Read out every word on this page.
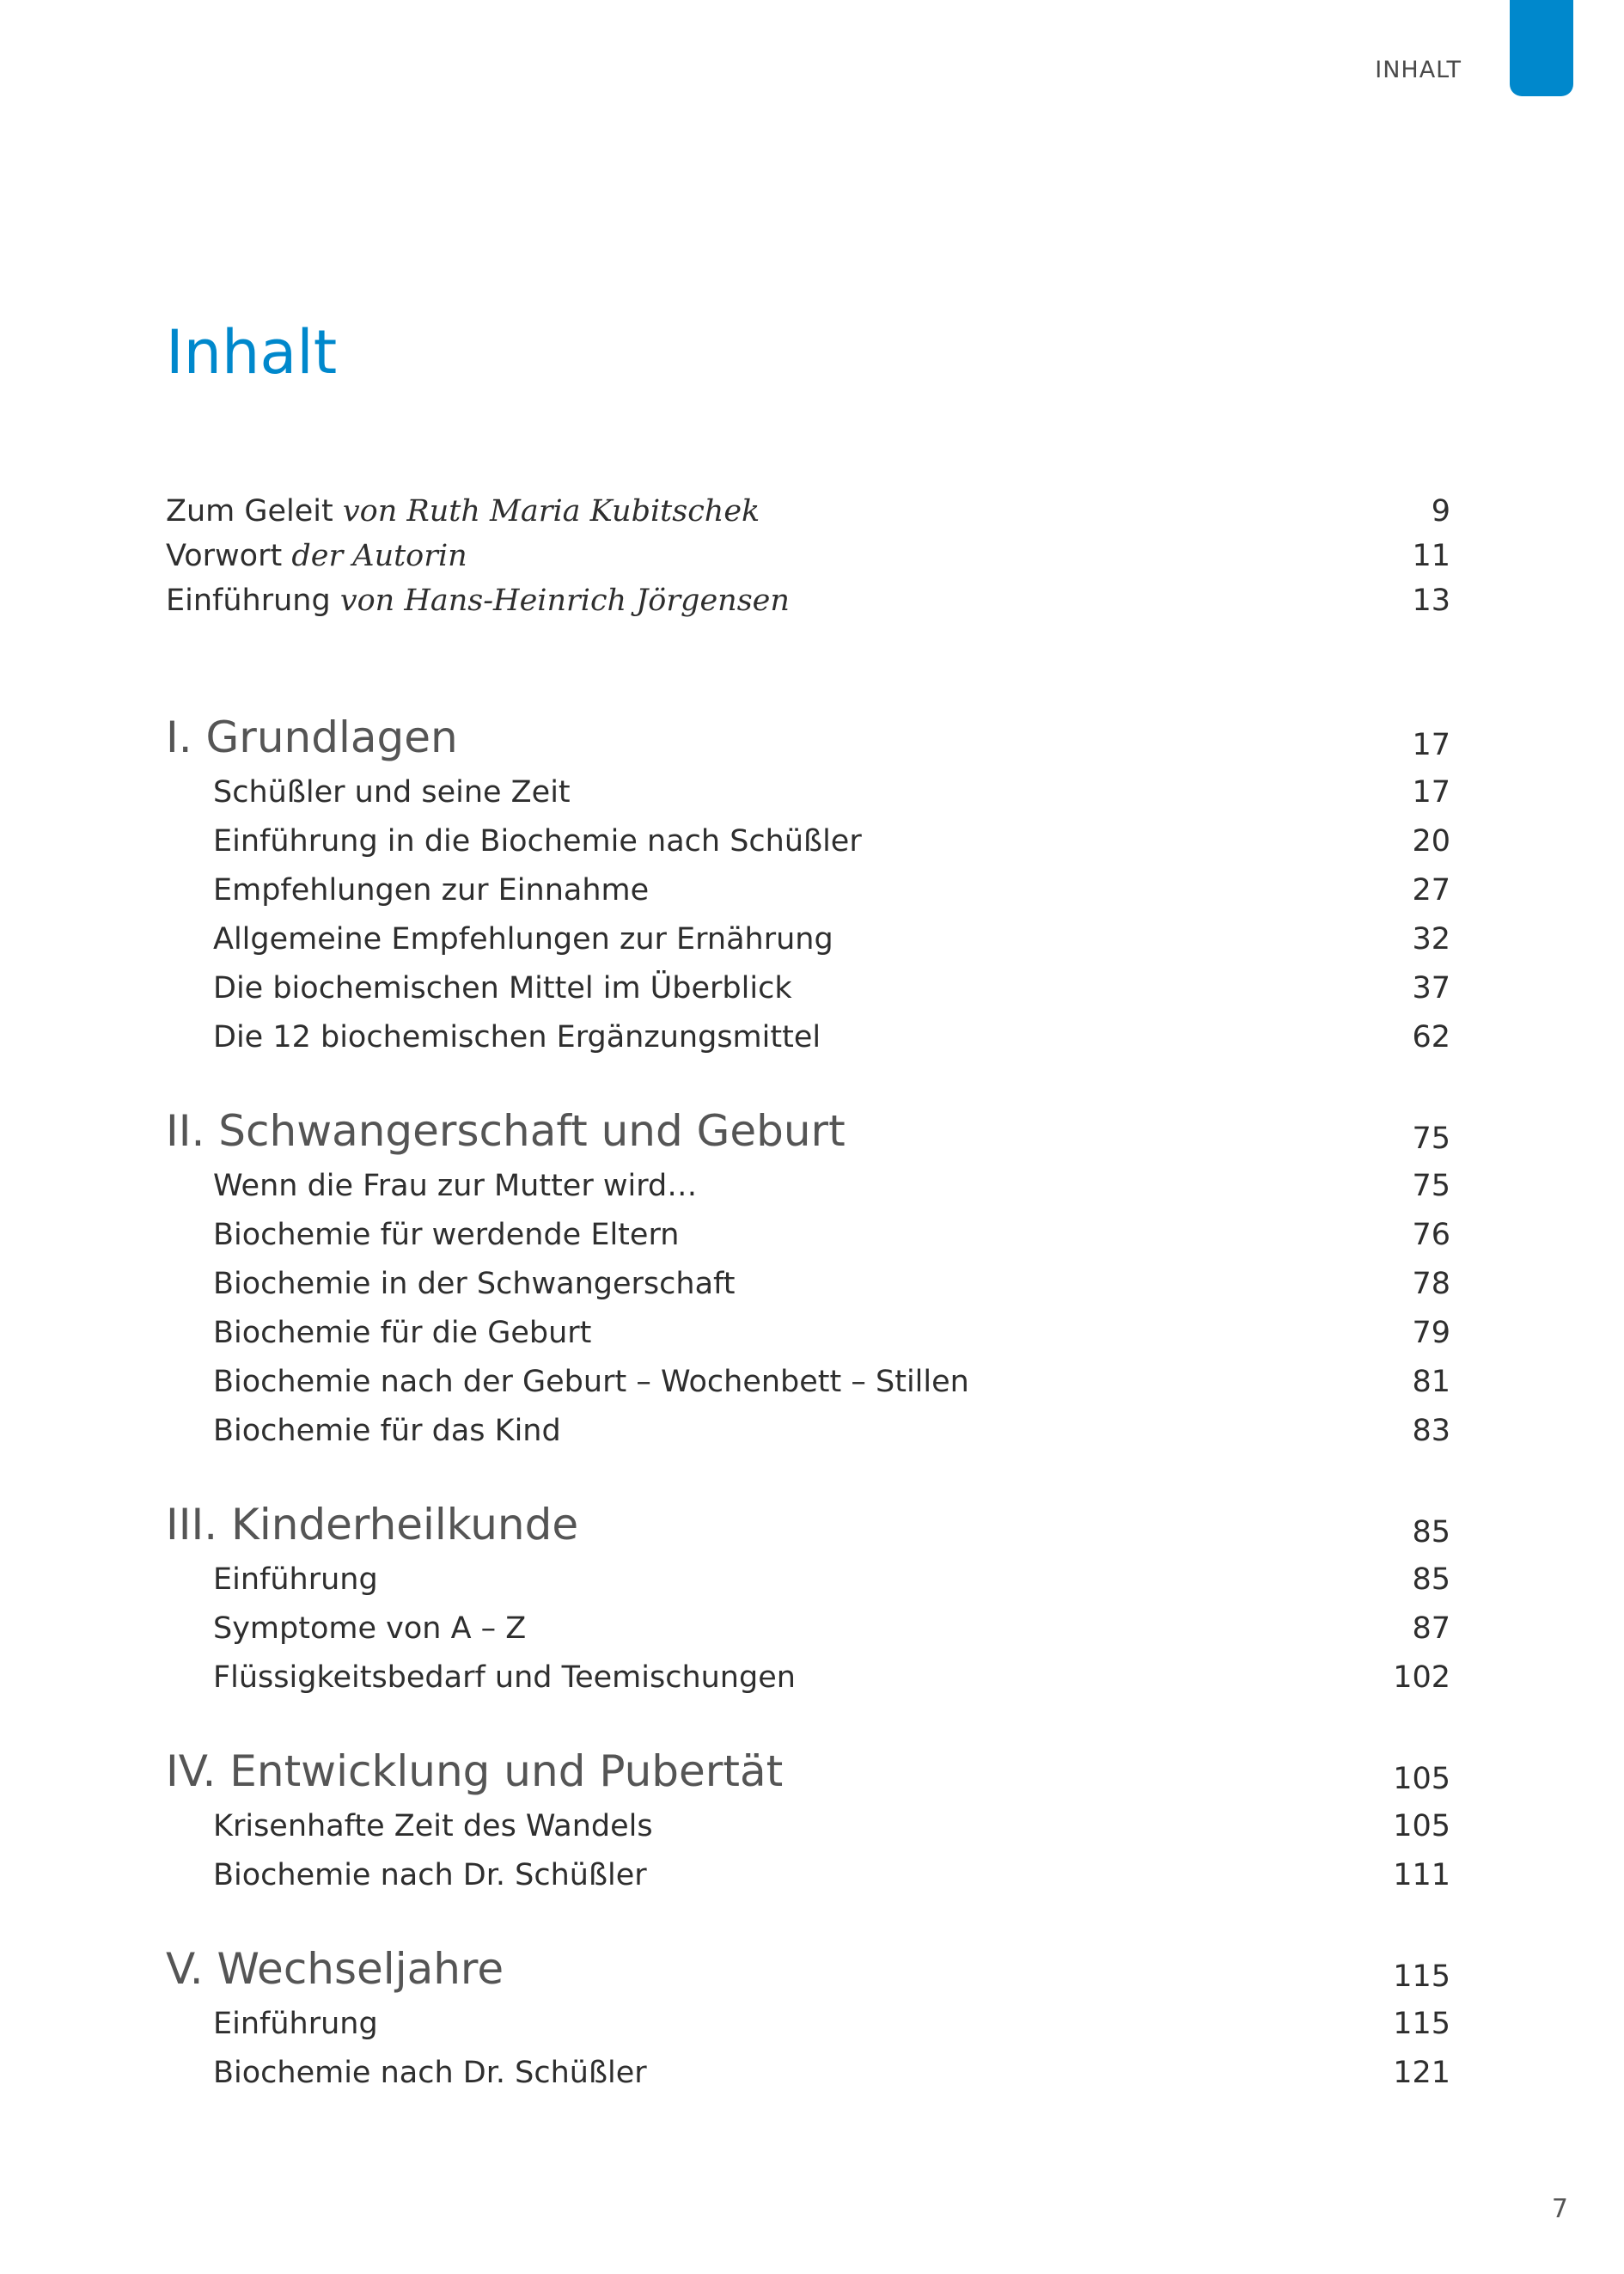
INHALT
Inhalt
Zum Geleit von Ruth Maria Kubitschek	9
Vorwort der Autorin	11
Einführung von Hans-Heinrich Jörgensen	13
I. Grundlagen	17
Schüßler und seine Zeit	17
Einführung in die Biochemie nach Schüßler	20
Empfehlungen zur Einnahme	27
Allgemeine Empfehlungen zur Ernährung	32
Die biochemischen Mittel im Überblick	37
Die 12 biochemischen Ergänzungsmittel	62
II. Schwangerschaft und Geburt	75
Wenn die Frau zur Mutter wird…	75
Biochemie für werdende Eltern	76
Biochemie in der Schwangerschaft	78
Biochemie für die Geburt	79
Biochemie nach der Geburt – Wochenbett – Stillen	81
Biochemie für das Kind	83
III. Kinderheilkunde	85
Einführung	85
Symptome von A – Z	87
Flüssigkeitsbedarf und Teemischungen	102
IV. Entwicklung und Pubertät	105
Krisenhafte Zeit des Wandels	105
Biochemie nach Dr. Schüßler	111
V. Wechseljahre	115
Einführung	115
Biochemie nach Dr. Schüßler	121
7
